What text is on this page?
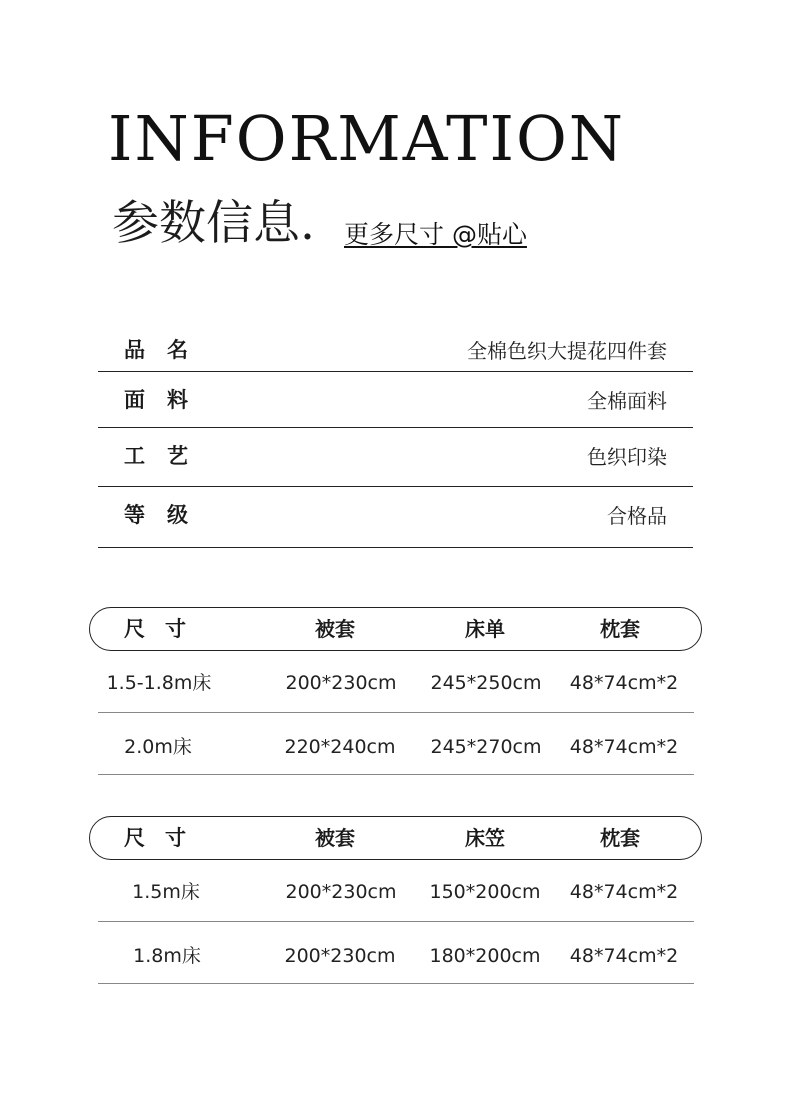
INFORMATION
参数信息. 更多尺寸 @贴心
品名	全棉色织大提花四件套
面料	全棉面料
工艺	色织印染
等级	合格品
尺寸	被套	床单	枕套
1.5-1.8m床	200*230cm 245*250cm 48*74cm*2
2.0m床	220*240cm 245*270cm 48*74cm*2
尺寸	被套	床笠	枕套
1.5m床	200*230cm 150*200cm 48*74cm*2
1.8m床	200*230cm 180*200cm 48*74cm*2
